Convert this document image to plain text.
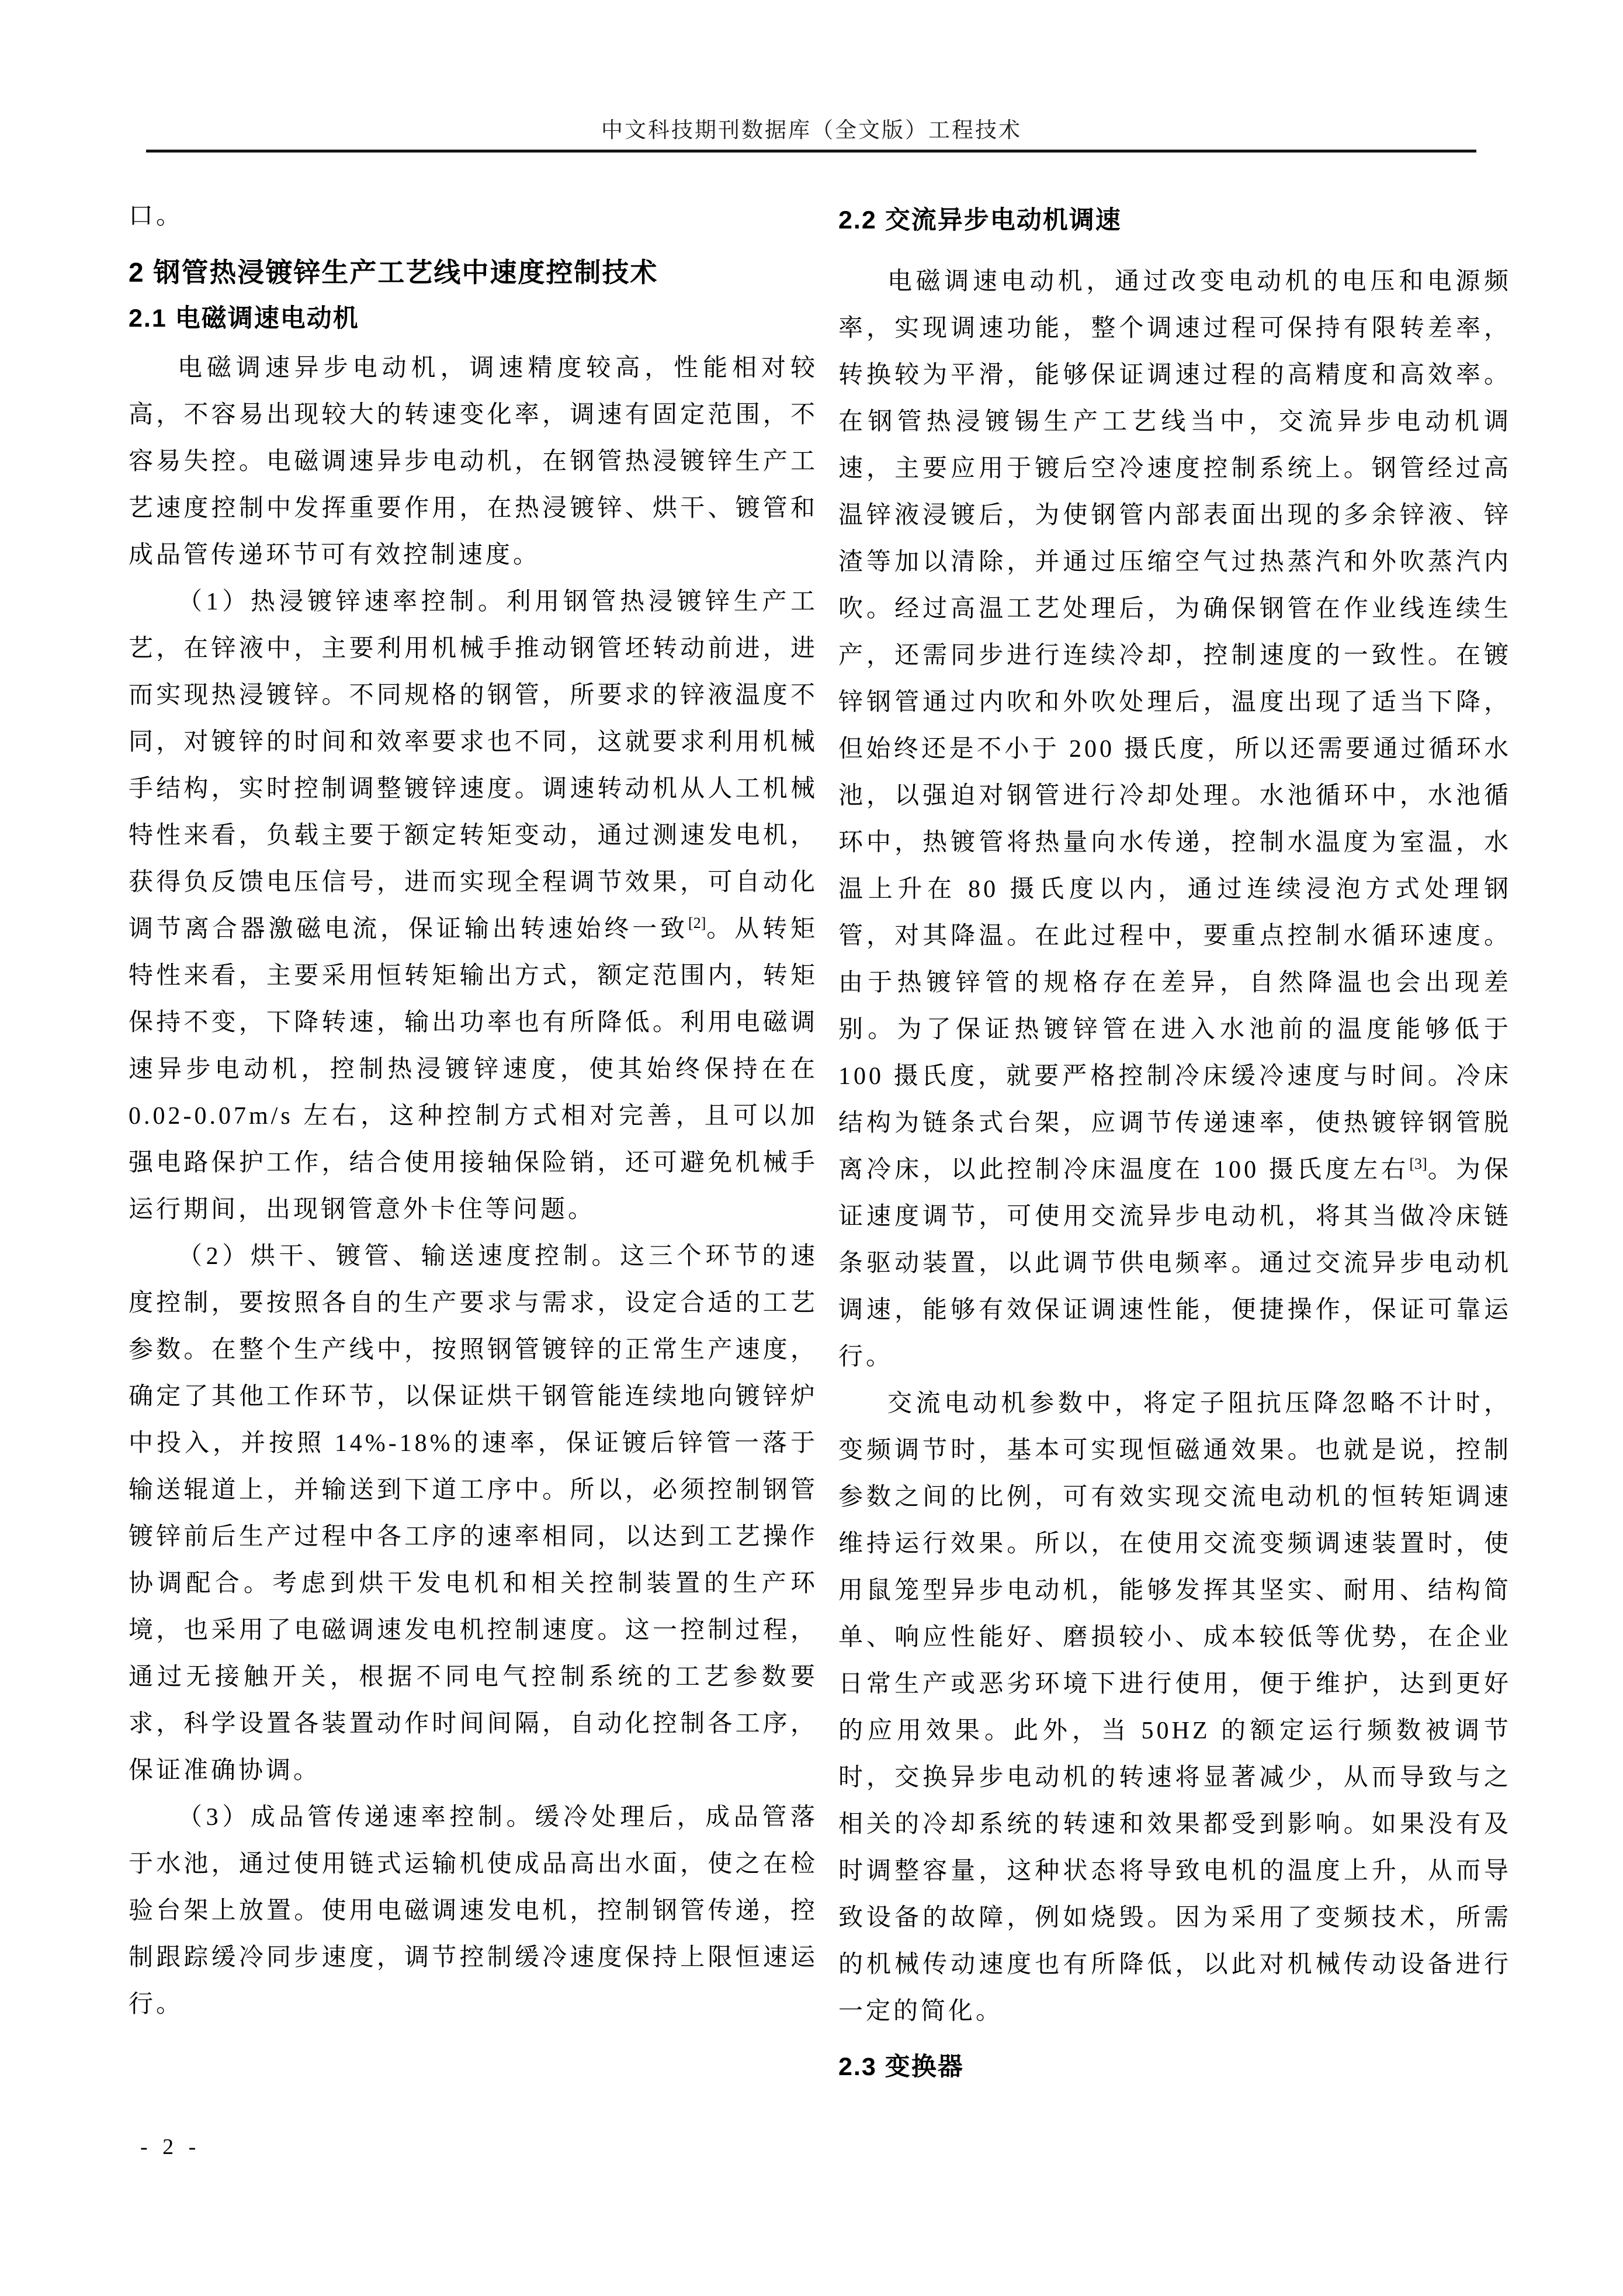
中文科技期刊数据库（全文版）工程技术

口。

2 钢管热浸镀锌生产工艺线中速度控制技术
2.1 电磁调速电动机

电磁调速异步电动机，调速精度较高，性能相对较高，不容易出现较大的转速变化率，调速有固定范围，不容易失控。电磁调速异步电动机，在钢管热浸镀锌生产工艺速度控制中发挥重要作用，在热浸镀锌、烘干、镀管和成品管传递环节可有效控制速度。

（1）热浸镀锌速率控制。利用钢管热浸镀锌生产工艺，在锌液中，主要利用机械手推动钢管坯转动前进，进而实现热浸镀锌。不同规格的钢管，所要求的锌液温度不同，对镀锌的时间和效率要求也不同，这就要求利用机械手结构，实时控制调整镀锌速度。调速转动机从人工机械特性来看，负载主要于额定转矩变动，通过测速发电机，获得负反馈电压信号，进而实现全程调节效果，可自动化调节离合器激磁电流，保证输出转速始终一致[2]。从转矩特性来看，主要采用恒转矩输出方式，额定范围内，转矩保持不变，下降转速，输出功率也有所降低。利用电磁调速异步电动机，控制热浸镀锌速度，使其始终保持在在 0.02-0.07m/s 左右，这种控制方式相对完善，且可以加强电路保护工作，结合使用接轴保险销，还可避免机械手运行期间，出现钢管意外卡住等问题。

（2）烘干、镀管、输送速度控制。这三个环节的速度控制，要按照各自的生产要求与需求，设定合适的工艺参数。在整个生产线中，按照钢管镀锌的正常生产速度，确定了其他工作环节，以保证烘干钢管能连续地向镀锌炉中投入，并按照 14%-18%的速率，保证镀后锌管一落于输送辊道上，并输送到下道工序中。所以，必须控制钢管镀锌前后生产过程中各工序的速率相同，以达到工艺操作协调配合。考虑到烘干发电机和相关控制装置的生产环境，也采用了电磁调速发电机控制速度。这一控制过程，通过无接触开关，根据不同电气控制系统的工艺参数要求，科学设置各装置动作时间间隔，自动化控制各工序，保证准确协调。

（3）成品管传递速率控制。缓冷处理后，成品管落于水池，通过使用链式运输机使成品高出水面，使之在检验台架上放置。使用电磁调速发电机，控制钢管传递，控制跟踪缓冷同步速度，调节控制缓冷速度保持上限恒速运行。

2.2 交流异步电动机调速

电磁调速电动机，通过改变电动机的电压和电源频率，实现调速功能，整个调速过程可保持有限转差率，转换较为平滑，能够保证调速过程的高精度和高效率。在钢管热浸镀锡生产工艺线当中，交流异步电动机调速，主要应用于镀后空冷速度控制系统上。钢管经过高温锌液浸镀后，为使钢管内部表面出现的多余锌液、锌渣等加以清除，并通过压缩空气过热蒸汽和外吹蒸汽内吹。经过高温工艺处理后，为确保钢管在作业线连续生产，还需同步进行连续冷却，控制速度的一致性。在镀锌钢管通过内吹和外吹处理后，温度出现了适当下降，但始终还是不小于 200 摄氏度，所以还需要通过循环水池，以强迫对钢管进行冷却处理。水池循环中，水池循环中，热镀管将热量向水传递，控制水温度为室温，水温上升在 80 摄氏度以内，通过连续浸泡方式处理钢管，对其降温。在此过程中，要重点控制水循环速度。由于热镀锌管的规格存在差异，自然降温也会出现差别。为了保证热镀锌管在进入水池前的温度能够低于 100 摄氏度，就要严格控制冷床缓冷速度与时间。冷床结构为链条式台架，应调节传递速率，使热镀锌钢管脱离冷床，以此控制冷床温度在 100 摄氏度左右[3]。为保证速度调节，可使用交流异步电动机，将其当做冷床链条驱动装置，以此调节供电频率。通过交流异步电动机调速，能够有效保证调速性能，便捷操作，保证可靠运行。

交流电动机参数中，将定子阻抗压降忽略不计时，变频调节时，基本可实现恒磁通效果。也就是说，控制参数之间的比例，可有效实现交流电动机的恒转矩调速维持运行效果。所以，在使用交流变频调速装置时，使用鼠笼型异步电动机，能够发挥其坚实、耐用、结构简单、响应性能好、磨损较小、成本较低等优势，在企业日常生产或恶劣环境下进行使用，便于维护，达到更好的应用效果。此外，当 50HZ 的额定运行频数被调节时，交换异步电动机的转速将显著减少，从而导致与之相关的冷却系统的转速和效果都受到影响。如果没有及时调整容量，这种状态将导致电机的温度上升，从而导致设备的故障，例如烧毁。因为采用了变频技术，所需的机械传动速度也有所降低，以此对机械传动设备进行一定的简化。

2.3 变换器
- 2 -
